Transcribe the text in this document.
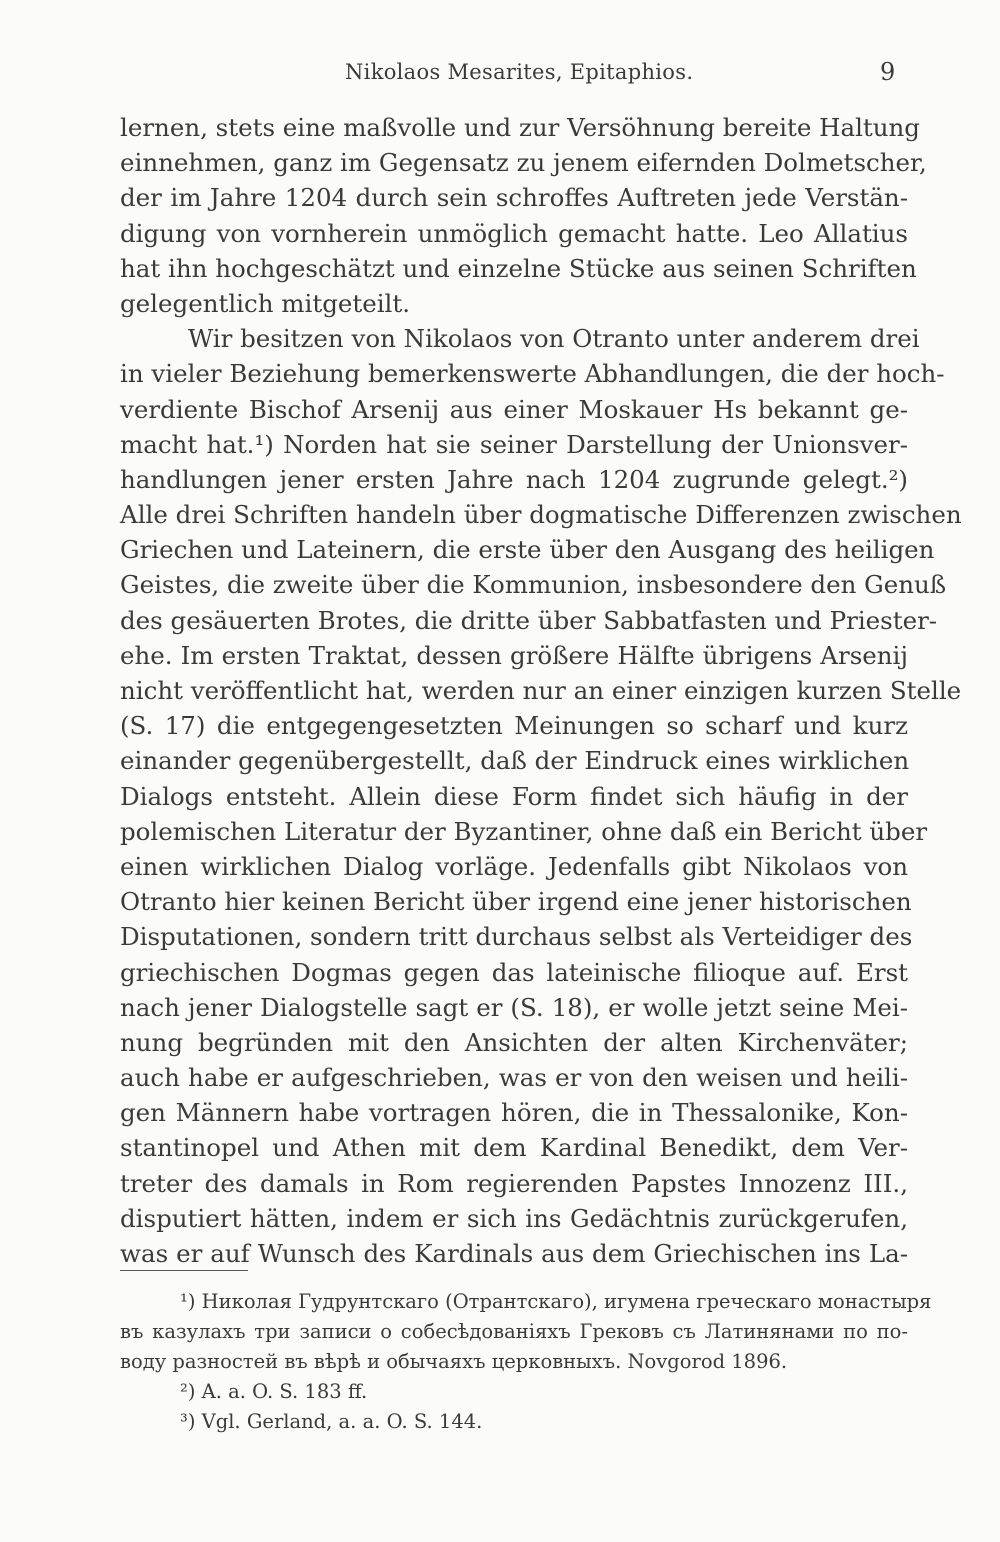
Nikolaos Mesarites, Epitaphios.	9
lernen, stets eine maßvolle und zur Versöhnung bereite Haltung
einnehmen, ganz im Gegensatz zu jenem eifernden Dolmetscher,
der im Jahre 1204 durch sein schroffes Auftreten jede Verstän-
digung von vornherein unmöglich gemacht hatte. Leo Allatius
hat ihn hochgeschätzt und einzelne Stücke aus seinen Schriften
gelegentlich mitgeteilt.
Wir besitzen von Nikolaos von Otranto unter anderem drei
in vieler Beziehung bemerkenswerte Abhandlungen, die der hoch-
verdiente Bischof Arsenij aus einer Moskauer Hs bekannt ge-
macht hat.¹) Norden hat sie seiner Darstellung der Unionsver-
handlungen jener ersten Jahre nach 1204 zugrunde gelegt.²)
Alle drei Schriften handeln über dogmatische Differenzen zwischen
Griechen und Lateinern, die erste über den Ausgang des heiligen
Geistes, die zweite über die Kommunion, insbesondere den Genuß
des gesäuerten Brotes, die dritte über Sabbatfasten und Priester-
ehe. Im ersten Traktat, dessen größere Hälfte übrigens Arsenij
nicht veröffentlicht hat, werden nur an einer einzigen kurzen Stelle
(S. 17) die entgegengesetzten Meinungen so scharf und kurz
einander gegenübergestellt, daß der Eindruck eines wirklichen
Dialogs entsteht. Allein diese Form findet sich häufig in der
polemischen Literatur der Byzantiner, ohne daß ein Bericht über
einen wirklichen Dialog vorläge. Jedenfalls gibt Nikolaos von
Otranto hier keinen Bericht über irgend eine jener historischen
Disputationen, sondern tritt durchaus selbst als Verteidiger des
griechischen Dogmas gegen das lateinische filioque auf. Erst
nach jener Dialogstelle sagt er (S. 18), er wolle jetzt seine Mei-
nung begründen mit den Ansichten der alten Kirchenväter;
auch habe er aufgeschrieben, was er von den weisen und heili-
gen Männern habe vortragen hören, die in Thessalonike, Kon-
stantinopel und Athen mit dem Kardinal Benedikt, dem Ver-
treter des damals in Rom regierenden Papstes Innozenz III.,
disputiert hätten, indem er sich ins Gedächtnis zurückgerufen,
was er auf Wunsch des Kardinals aus dem Griechischen ins La-
¹) Николая Гудрунтскаго (Отрантскаго), игумена греческаго монастыря
въ казулахъ три записи о собесѣдованіяхъ Грековъ съ Латинянами по по-
воду разностей въ вѣрѣ и обычаяхъ церковныхъ. Novgorod 1896.
²) A. a. O. S. 183 ff.
³) Vgl. Gerland, a. a. O. S. 144.
